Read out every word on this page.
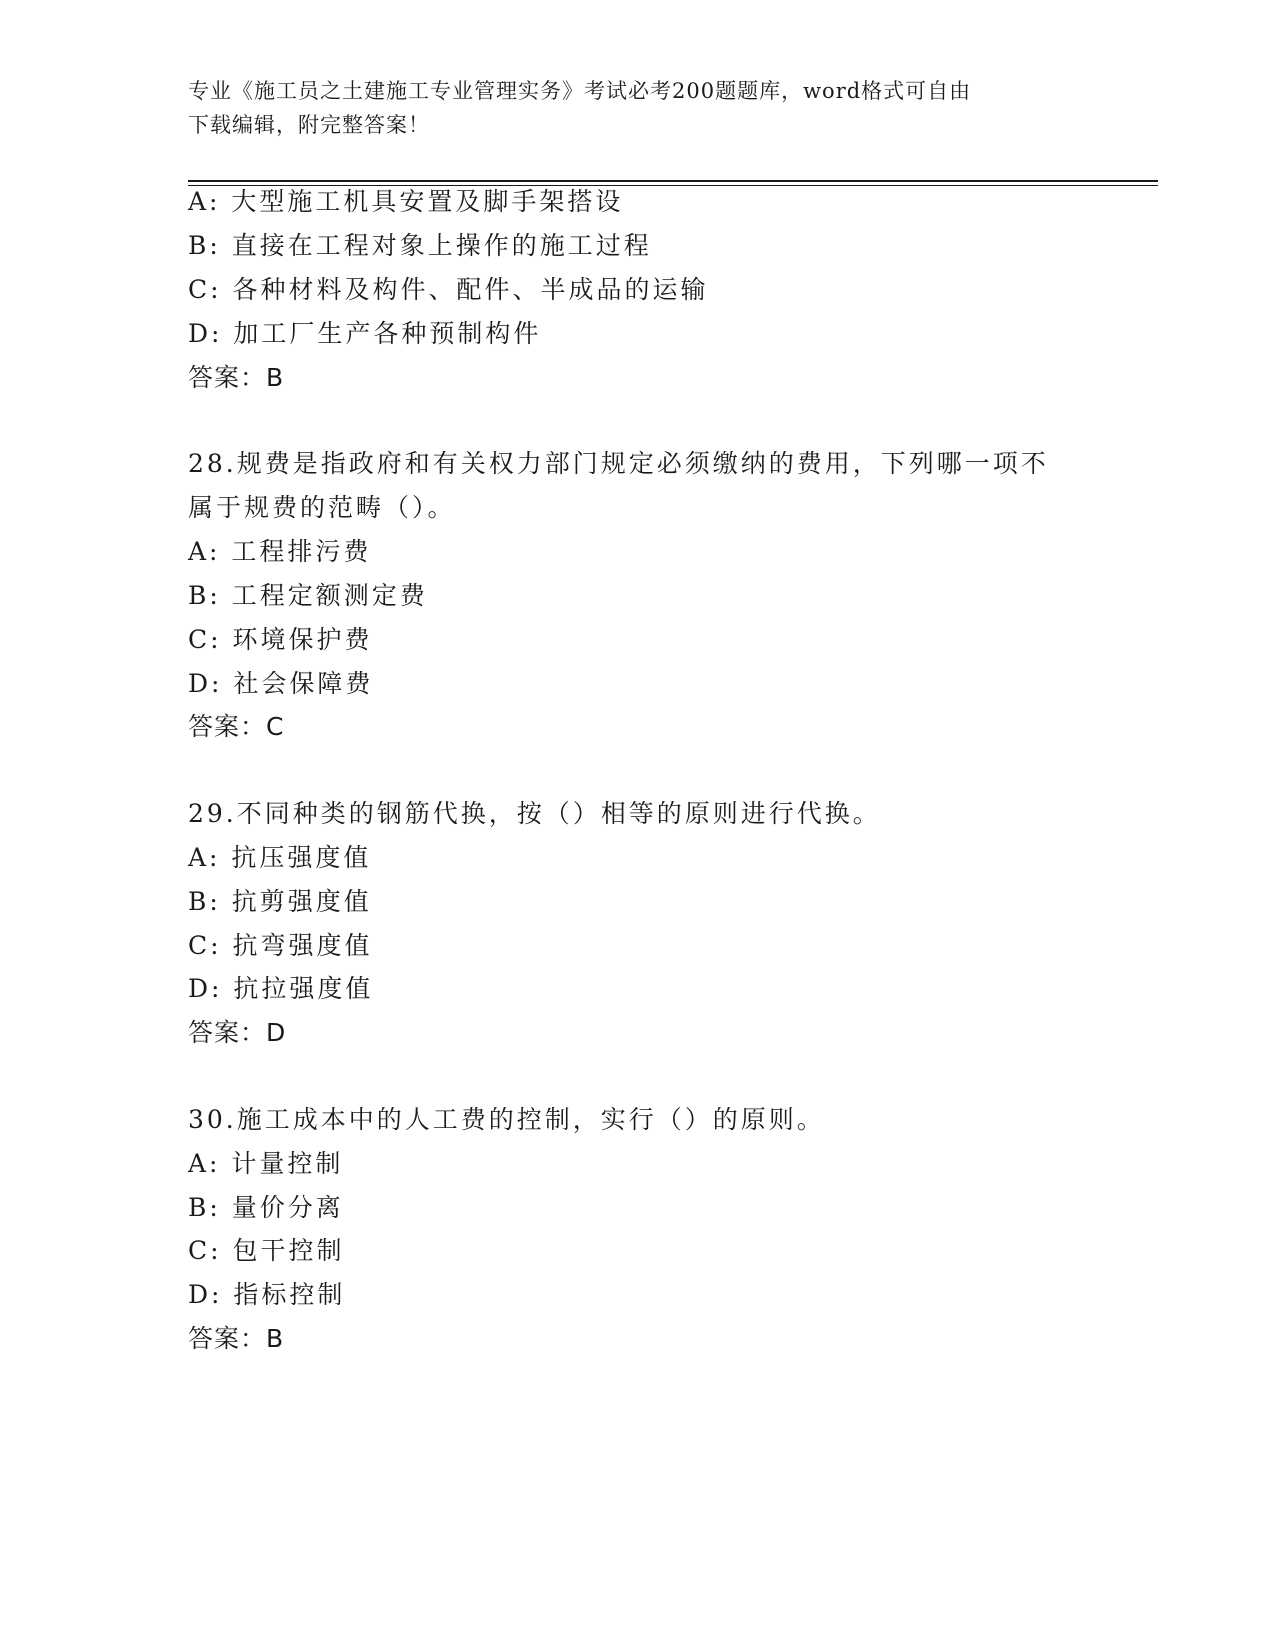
专业《施工员之土建施工专业管理实务》考试必考200题题库，word格式可自由
下载编辑，附完整答案！
A: 大型施工机具安置及脚手架搭设
B: 直接在工程对象上操作的施工过程
C: 各种材料及构件、配件、半成品的运输
D: 加工厂生产各种预制构件
答案：B
28.规费是指政府和有关权力部门规定必须缴纳的费用，下列哪一项不
属于规费的范畴（）。
A: 工程排污费
B: 工程定额测定费
C: 环境保护费
D: 社会保障费
答案：C
29.不同种类的钢筋代换，按（）相等的原则进行代换。
A: 抗压强度值
B: 抗剪强度值
C: 抗弯强度值
D: 抗拉强度值
答案：D
30.施工成本中的人工费的控制，实行（）的原则。
A: 计量控制
B: 量价分离
C: 包干控制
D: 指标控制
答案：B
